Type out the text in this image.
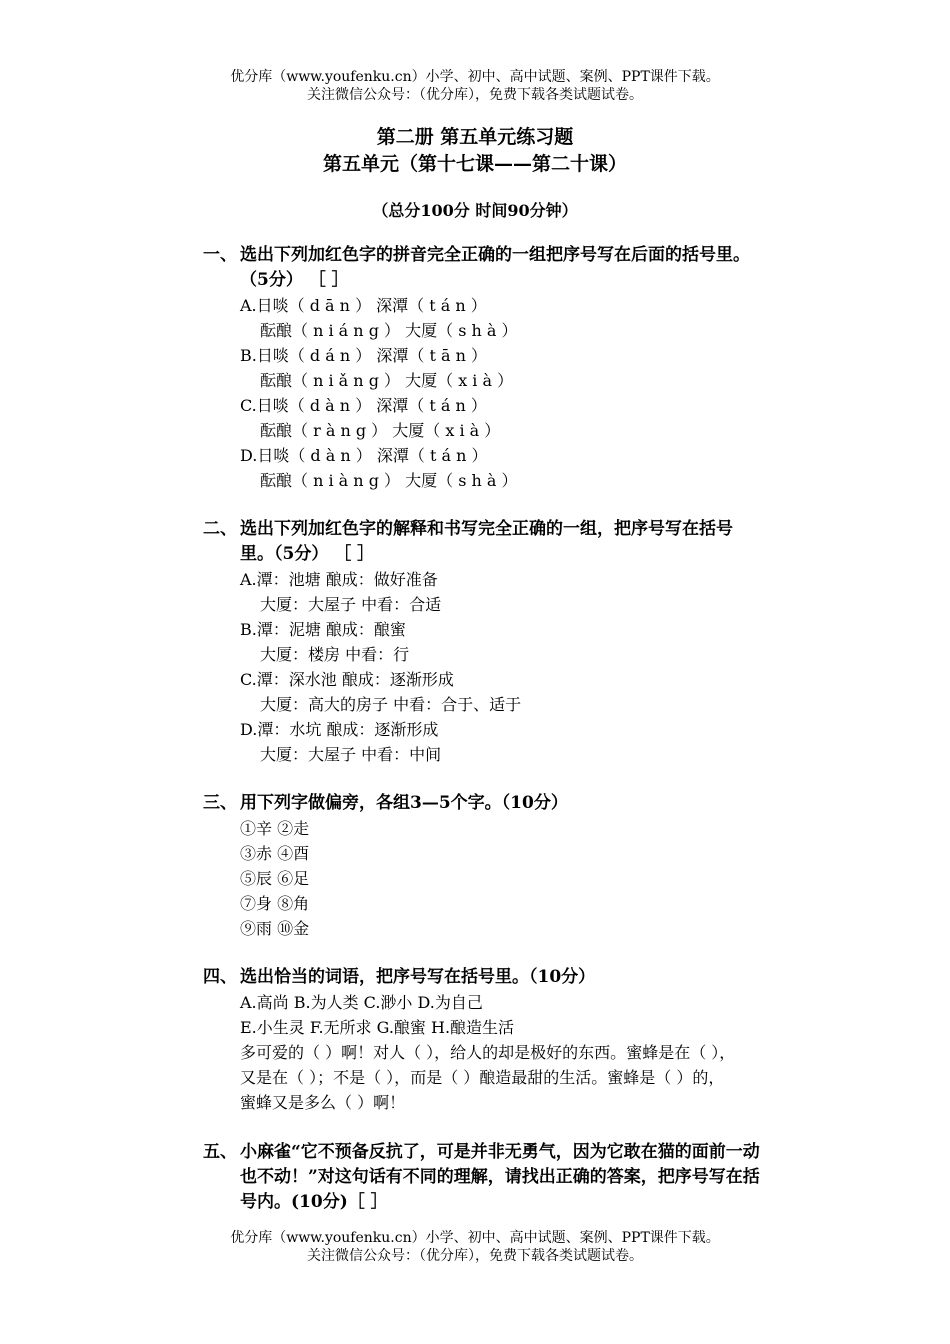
优分库（www.youfenku.cn）小学、初中、高中试题、案例、PPT课件下载。
关注微信公众号：（优分库），免费下载各类试题试卷。
第二册 第五单元练习题
第五单元（第十七课——第二十课）
（总分100分 时间90分钟）
一、 选出下列加红色字的拼音完全正确的一组把序号写在后面的括号里。（5分） ［ ］
A.日啖（ d ā n ） 深潭（ t á n ）
酝酿（ n i á n g ） 大厦（ s h à ）
B.日啖（ d á n ） 深潭（ t ā n ）
酝酿（ n i ǎ n g ） 大厦（ x i à ）
C.日啖（ d à n ） 深潭（ t á n ）
酝酿（ r à n g ） 大厦（ x i à ）
D.日啖（ d à n ） 深潭（ t á n ）
酝酿（ n i à n g ） 大厦（ s h à ）
二、 选出下列加红色字的解释和书写完全正确的一组，把序号写在括号里。（5分） ［ ］
A.潭：池塘 酿成：做好准备
大厦：大屋子 中看：合适
B.潭：泥塘 酿成：酿蜜
大厦：楼房 中看：行
C.潭：深水池 酿成：逐渐形成
大厦：高大的房子 中看：合于、适于
D.潭：水坑 酿成：逐渐形成
大厦：大屋子 中看：中间
三、 用下列字做偏旁，各组3—5个字。（10分）
①辛 ②走
③赤 ④酉
⑤辰 ⑥足
⑦身 ⑧角
⑨雨 ⑩金
四、 选出恰当的词语，把序号写在括号里。（10分）
A.高尚 B.为人类 C.渺小 D.为自己
E.小生灵 F.无所求 G.酿蜜 H.酿造生活
多可爱的（ ）啊！对人（ ），给人的却是极好的东西。蜜蜂是在（ ），又是在（ ）；不是（ ），而是（ ）酿造最甜的生活。蜜蜂是（ ）的，蜜蜂又是多么（ ）啊！
五、 小麻雀“它不预备反抗了，可是并非无勇气，因为它敢在猫的面前一动也不动！”对这句话有不同的理解，请找出正确的答案，把序号写在括号内。(10分)［ ］
优分库（www.youfenku.cn）小学、初中、高中试题、案例、PPT课件下载。
关注微信公众号：（优分库），免费下载各类试题试卷。
